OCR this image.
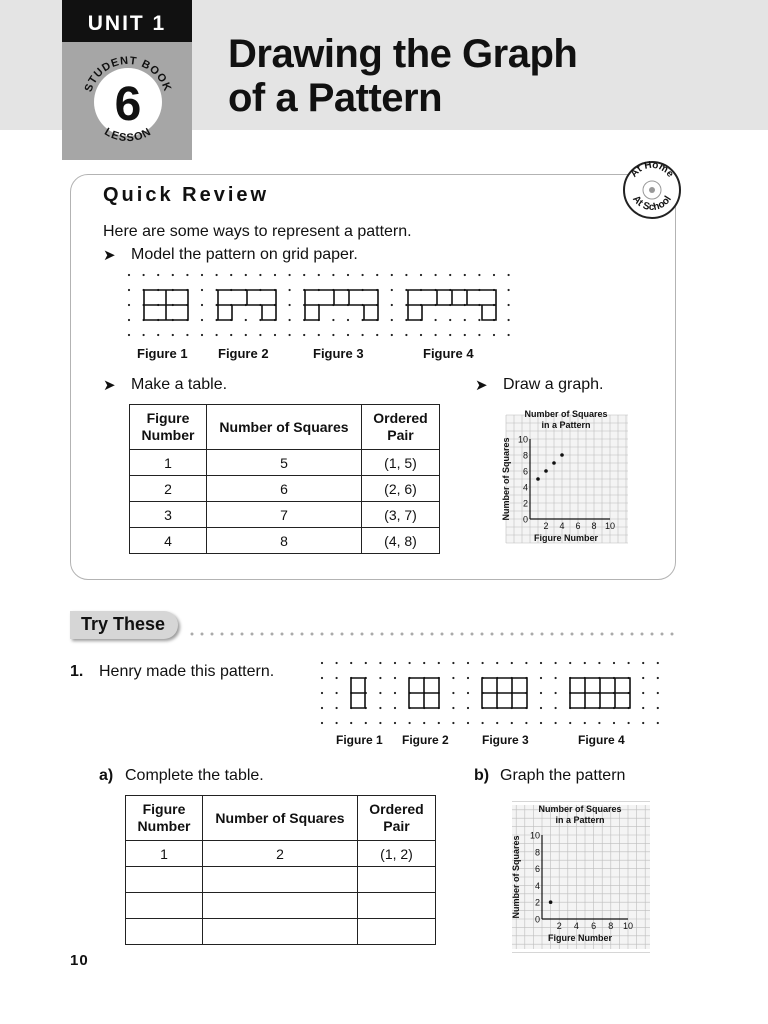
UNIT 1
STUDENT BOOK
6
LESSON
Drawing the Graph
of a Pattern
Quick Review
At Home
At School
Here are some ways to represent a pattern.
➤ Model the pattern on grid paper.
Figure 1 Figure 2	Figure 3	Figure 4
➤ Make a table.	➤ Draw a graph.
Figure Number	Number of Squares	Ordered Pair
1	5	(1, 5)
2	6	(2, 6)
3	7	(3, 7)
4	8	(4, 8)
2 4 6 8 10
0
2
4
6
8
10
Number of Squares
in a Pattern
Figure Number
Number of Squares
Try These
1. Henry made this pattern.
Figure 1 Figure 2	Figure 3	Figure 4
a) Complete the table.	b) Graph the pattern
Figure Number	Number of Squares	Ordered Pair
1	2	(1, 2)

2 4 6 8 10
0
2
4
6
8
10
Number of Squares
in a Pattern
Figure Number
Number of Squares
10
